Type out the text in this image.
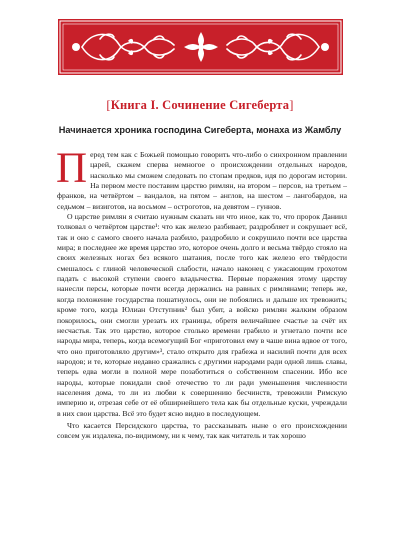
[Книга I. Сочинение Сигеберта]
Начинается хроника господина Сигеберта, монаха из Жамблу

Перед тем как с Божьей помощью говорить что-либо о синхронном правлении царей, скажем сперва немногое о происхождении отдельных народов, насколько мы сможем следовать по стопам предков, идя по дорогам истории. На первом месте поставим царство римлян, на втором – персов, на третьем – франков, на четвёртом – вандалов, на пятом – англов, на шестом – лангобардов, на седьмом – визиготов, на восьмом – остроготов, на девятом – гуннов.

О царстве римлян я считаю нужным сказать ни что иное, как то, что пророк Даниил толковал о четвёртом царстве¹: что как железо разбивает, раздробляет и сокрушает всё, так и оно с самого своего начала разбило, раздробило и сокрушило почти все царства мира; в последнее же время царство это, которое очень долго и весьма твёрдо стояло на своих железных ногах без всякого шатания, после того как железо его твёрдости смешалось с глиной человеческой слабости, начало наконец с ужасающим грохотом падать с высокой ступени своего владычества. Первые поражения этому царству нанесли персы, которые почти всегда держались на равных с римлянами; теперь же, когда положение государства пошатнулось, они не побоялись и дальше их тревожить; кроме того, когда Юлиан Отступник² был убит, а войско римлян жалким образом покорилось, они смогли урезать их границы, обретя величайшее счастье за счёт их несчастья. Так это царство, которое столько времени грабило и угнетало почти все народы мира, теперь, когда всемогущий Бог «приготовил ему в чаше вина вдвое от того, что оно приготовляло другим»³, стало открыто для грабежа и насилий почти для всех народов; и те, которые недавно сражались с другими народами ради одной лишь славы, теперь едва могли в полной мере позаботиться о собственном спасении. Ибо все народы, которые покидали своё отечество то ли ради уменьшения численности населения дома, то ли из любви к совершению бесчинств, тревожили Римскую империю и, отрезая себе от её обширнейшего тела как бы отдельные куски, учреждали в них свои царства. Всё это будет ясно видно в последующем.

Что касается Персидского царства, то рассказывать ныне о его происхождении совсем уж издалека, по-видимому, ни к чему, так как читатель и так хорошо
